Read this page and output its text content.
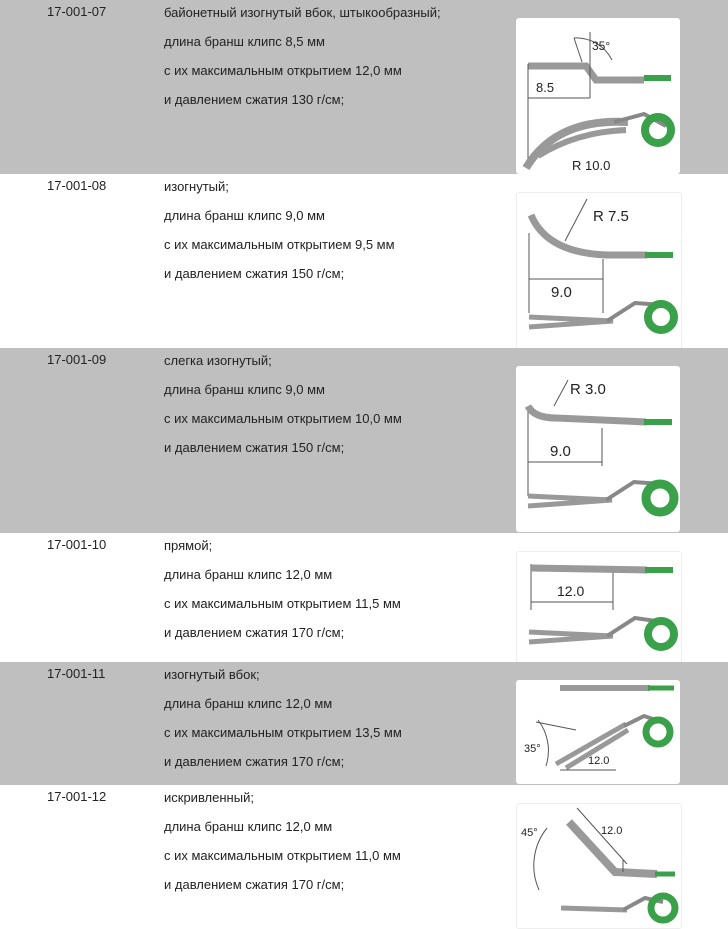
17-001-07	байонетный изогнутый вбок, штыкообразный;
длина бранш клипс 8,5 мм
с их максимальным открытием 12,0 мм
и давлением сжатия 130 г/см;
8.5
35°
R 10.0
17-001-08	изогнутый;
длина бранш клипс 9,0 мм
с их максимальным открытием 9,5 мм
и давлением сжатия 150 г/см;
9.0
R 7.5
17-001-09	слегка изогнутый;
длина бранш клипс 9,0 мм
с их максимальным открытием 10,0 мм
и давлением сжатия 150 г/см;	9.0
R 3.0
17-001-10	прямой;
длина бранш клипс 12,0 мм
с их максимальным открытием 11,5 мм
и давлением сжатия 170 г/см;
12.0
17-001-11	изогнутый вбок;
длина бранш клипс 12,0 мм
с их максимальным открытием 13,5 мм
и давлением сжатия 170 г/см;
35°
12.0
17-001-12	искривленный;
длина бранш клипс 12,0 мм
с их максимальным открытием 11,0 мм
и давлением сжатия 170 г/см;
45°	12.0
